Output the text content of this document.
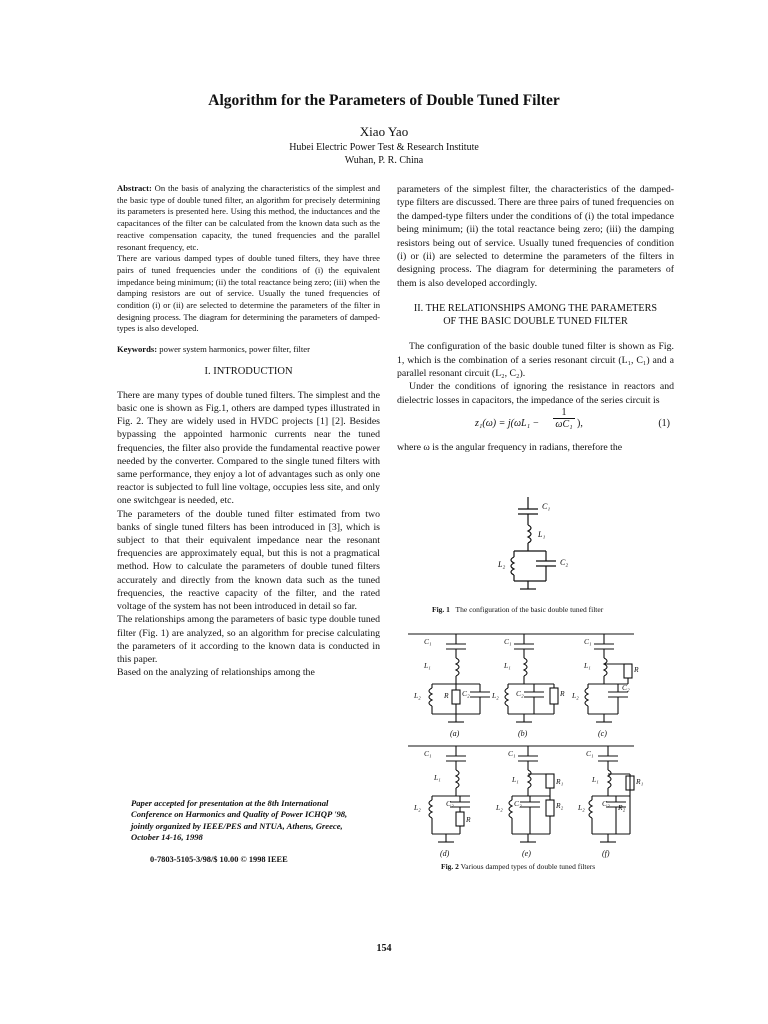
Algorithm for the Parameters of Double Tuned Filter
Xiao Yao
Hubei Electric Power Test & Research Institute
Wuhan, P. R. China

Abstract: On the basis of analyzing the characteristics of the simplest and the basic type of double tuned filter, an algorithm for precisely determining its parameters is presented here. Using this method, the inductances and the capacitances of the filter can be calculated from the known data such as the reactive compensation capacity, the tuned frequencies and the parallel resonant frequency, etc.

There are various damped types of double tuned filters, they have three pairs of tuned frequencies under the conditions of (i) the equivalent impedance being minimum; (ii) the total reactance being zero; (iii) when the damping resistors are out of service. Usually the tuned frequencies of condition (i) or (ii) are selected to determine the parameters of the filter in designing process. The diagram for determining the parameters of damped-types is also developed.

Keywords: power system harmonics, power filter, filter

I. INTRODUCTION

There are many types of double tuned filters. The simplest and the basic one is shown as Fig.1, others are damped types illustrated in Fig. 2. They are widely used in HVDC projects [1] [2]. Besides bypassing the appointed harmonic currents near the tuned frequencies, the filter also provide the fundamental reactive power needed by the converter. Compared to the single tuned filters with same performance, they enjoy a lot of advantages such as only one reactor is subjected to full line voltage, occupies less site, and only one switchgear is needed, etc.

The parameters of the double tuned filter estimated from two banks of single tuned filters has been introduced in [3], which is subject to that their equivalent impedance near the resonant frequencies are approximately equal, but this is not a pragmatical method. How to calculate the parameters of double tuned filters accurately and directly from the known data such as the tuned frequencies, the reactive capacity of the filter, and the rated voltage of the system has not been introduced in detail so far.

The relationships among the parameters of basic type double tuned filter (Fig. 1) are analyzed, so an algorithm for precise calculating the parameters of it according to the known data is conducted in this paper.

Based on the analyzing of relationships among the

parameters of the simplest filter, the characteristics of the damped-type filters are discussed. There are three pairs of tuned frequencies on the damped-type filters under the conditions of (i) the total impedance being minimum; (ii) the total reactance being zero; (iii) the damping resistors being out of service. Usually tuned frequencies of condition (i) or (ii) are selected to determine the parameters of the filters in designing process. The diagram for determining the parameters of them is also developed accordingly.

II. THE RELATIONSHIPS AMONG THE PARAMETERS
OF THE BASIC DOUBLE TUNED FILTER

The configuration of the basic double tuned filter is shown as Fig. 1, which is the combination of a series resonant circuit (L₁, C₁) and a parallel resonant circuit (L₂, C₂).

Under the conditions of ignoring the resistance in reactors and dielectric losses in capacitors, the impedance of the series circuit is

$z_1(\omega) = j(\omega L_1 - \frac{1}{\text{ωC₁}}$ ),	(1)

where ω is the angular frequency in radians, therefore the

C₁
L₁
L₂	C₂
Fig. 1 The configuration of the basic double tuned filter
C₁
L₁
L₂	C₂
R
C₁
L₁
L₂ C₂	R
C₁
L₁
L₂
C₂
R
C₁
L₁
L₂	C₂
R
C₁
L₁
L₂ C₂
R₁
R₂
C₁
L₁
L₂ C₂
R₁
R₂
(a)	(b)	(c)
(d)	(e)	(f)
Fig. 2 Various damped types of double tuned filters
Paper accepted for presentation at the 8th International Conference on Harmonics and Quality of Power ICHQP '98, jointly organized by IEEE/PES and NTUA, Athens, Greece, October 14-16, 1998
0-7803-5105-3/98/$ 10.00 © 1998 IEEE
154
